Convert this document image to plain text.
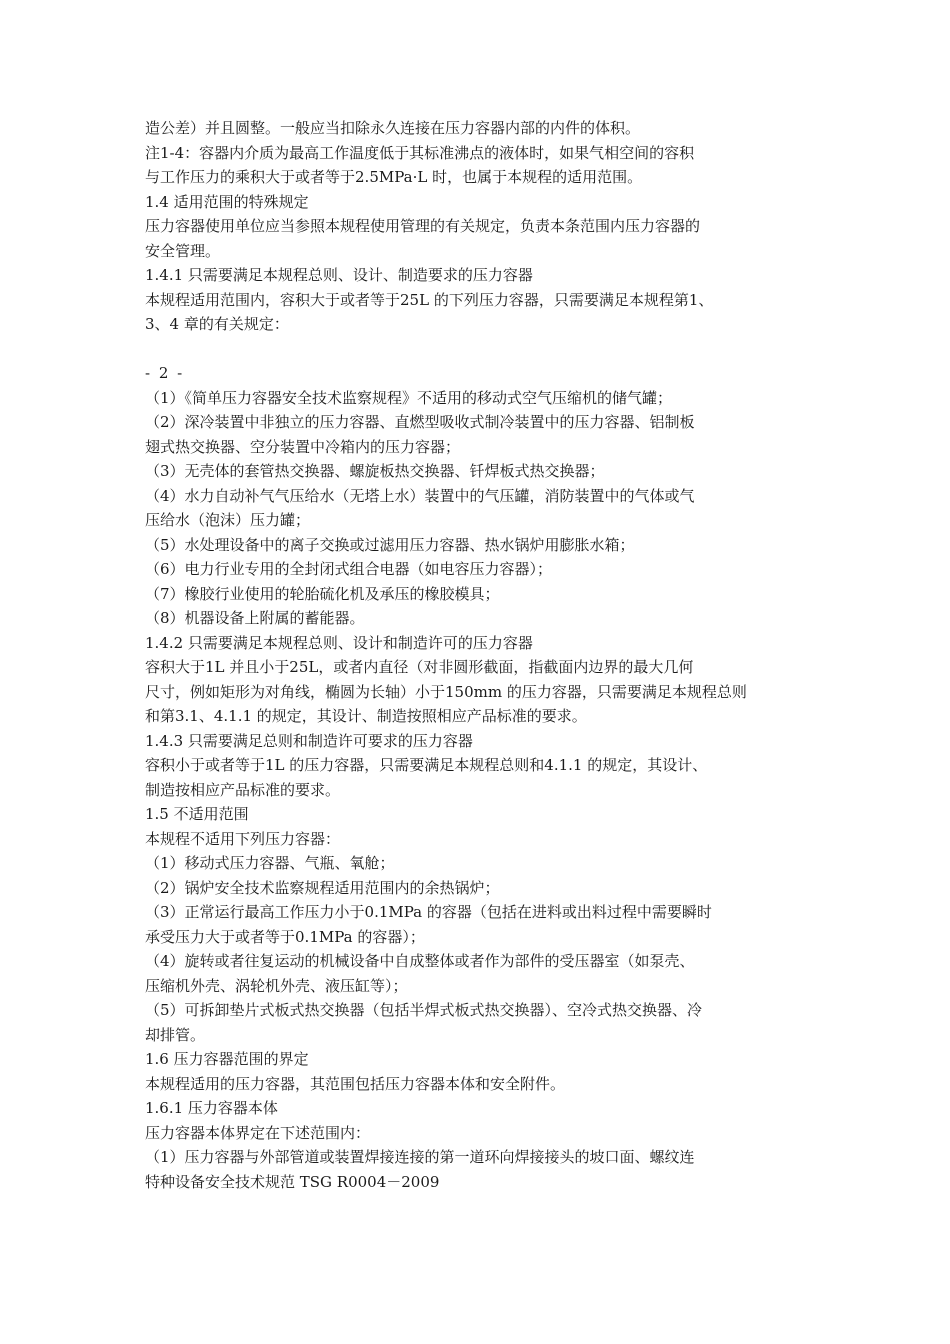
造公差）并且圆整。一般应当扣除永久连接在压力容器内部的内件的体积。
注1-4：容器内介质为最高工作温度低于其标准沸点的液体时，如果气相空间的容积
与工作压力的乘积大于或者等于2.5MPa·L 时，也属于本规程的适用范围。
1.4 适用范围的特殊规定
压力容器使用单位应当参照本规程使用管理的有关规定，负责本条范围内压力容器的
安全管理。
1.4.1 只需要满足本规程总则、设计、制造要求的压力容器
本规程适用范围内，容积大于或者等于25L 的下列压力容器，只需要满足本规程第1、
3、4 章的有关规定：
- 2 -
（1）《简单压力容器安全技术监察规程》不适用的移动式空气压缩机的储气罐；
（2）深冷装置中非独立的压力容器、直燃型吸收式制冷装置中的压力容器、铝制板
翅式热交换器、空分装置中冷箱内的压力容器；
（3）无壳体的套管热交换器、螺旋板热交换器、钎焊板式热交换器；
（4）水力自动补气气压给水（无塔上水）装置中的气压罐，消防装置中的气体或气
压给水（泡沫）压力罐；
（5）水处理设备中的离子交换或过滤用压力容器、热水锅炉用膨胀水箱；
（6）电力行业专用的全封闭式组合电器（如电容压力容器）；
（7）橡胶行业使用的轮胎硫化机及承压的橡胶模具；
（8）机器设备上附属的蓄能器。
1.4.2 只需要满足本规程总则、设计和制造许可的压力容器
容积大于1L 并且小于25L，或者内直径（对非圆形截面，指截面内边界的最大几何
尺寸，例如矩形为对角线，椭圆为长轴）小于150mm 的压力容器，只需要满足本规程总则
和第3.1、4.1.1 的规定，其设计、制造按照相应产品标准的要求。
1.4.3 只需要满足总则和制造许可要求的压力容器
容积小于或者等于1L 的压力容器，只需要满足本规程总则和4.1.1 的规定，其设计、
制造按相应产品标准的要求。
1.5 不适用范围
本规程不适用下列压力容器：
（1）移动式压力容器、气瓶、氧舱；
（2）锅炉安全技术监察规程适用范围内的余热锅炉；
（3）正常运行最高工作压力小于0.1MPa 的容器（包括在进料或出料过程中需要瞬时
承受压力大于或者等于0.1MPa 的容器）；
（4）旋转或者往复运动的机械设备中自成整体或者作为部件的受压器室（如泵壳、
压缩机外壳、涡轮机外壳、液压缸等）；
（5）可拆卸垫片式板式热交换器（包括半焊式板式热交换器）、空冷式热交换器、冷
却排管。
1.6 压力容器范围的界定
本规程适用的压力容器，其范围包括压力容器本体和安全附件。
1.6.1 压力容器本体
压力容器本体界定在下述范围内：
（1）压力容器与外部管道或装置焊接连接的第一道环向焊接接头的坡口面、螺纹连
特种设备安全技术规范 TSG R0004－2009
